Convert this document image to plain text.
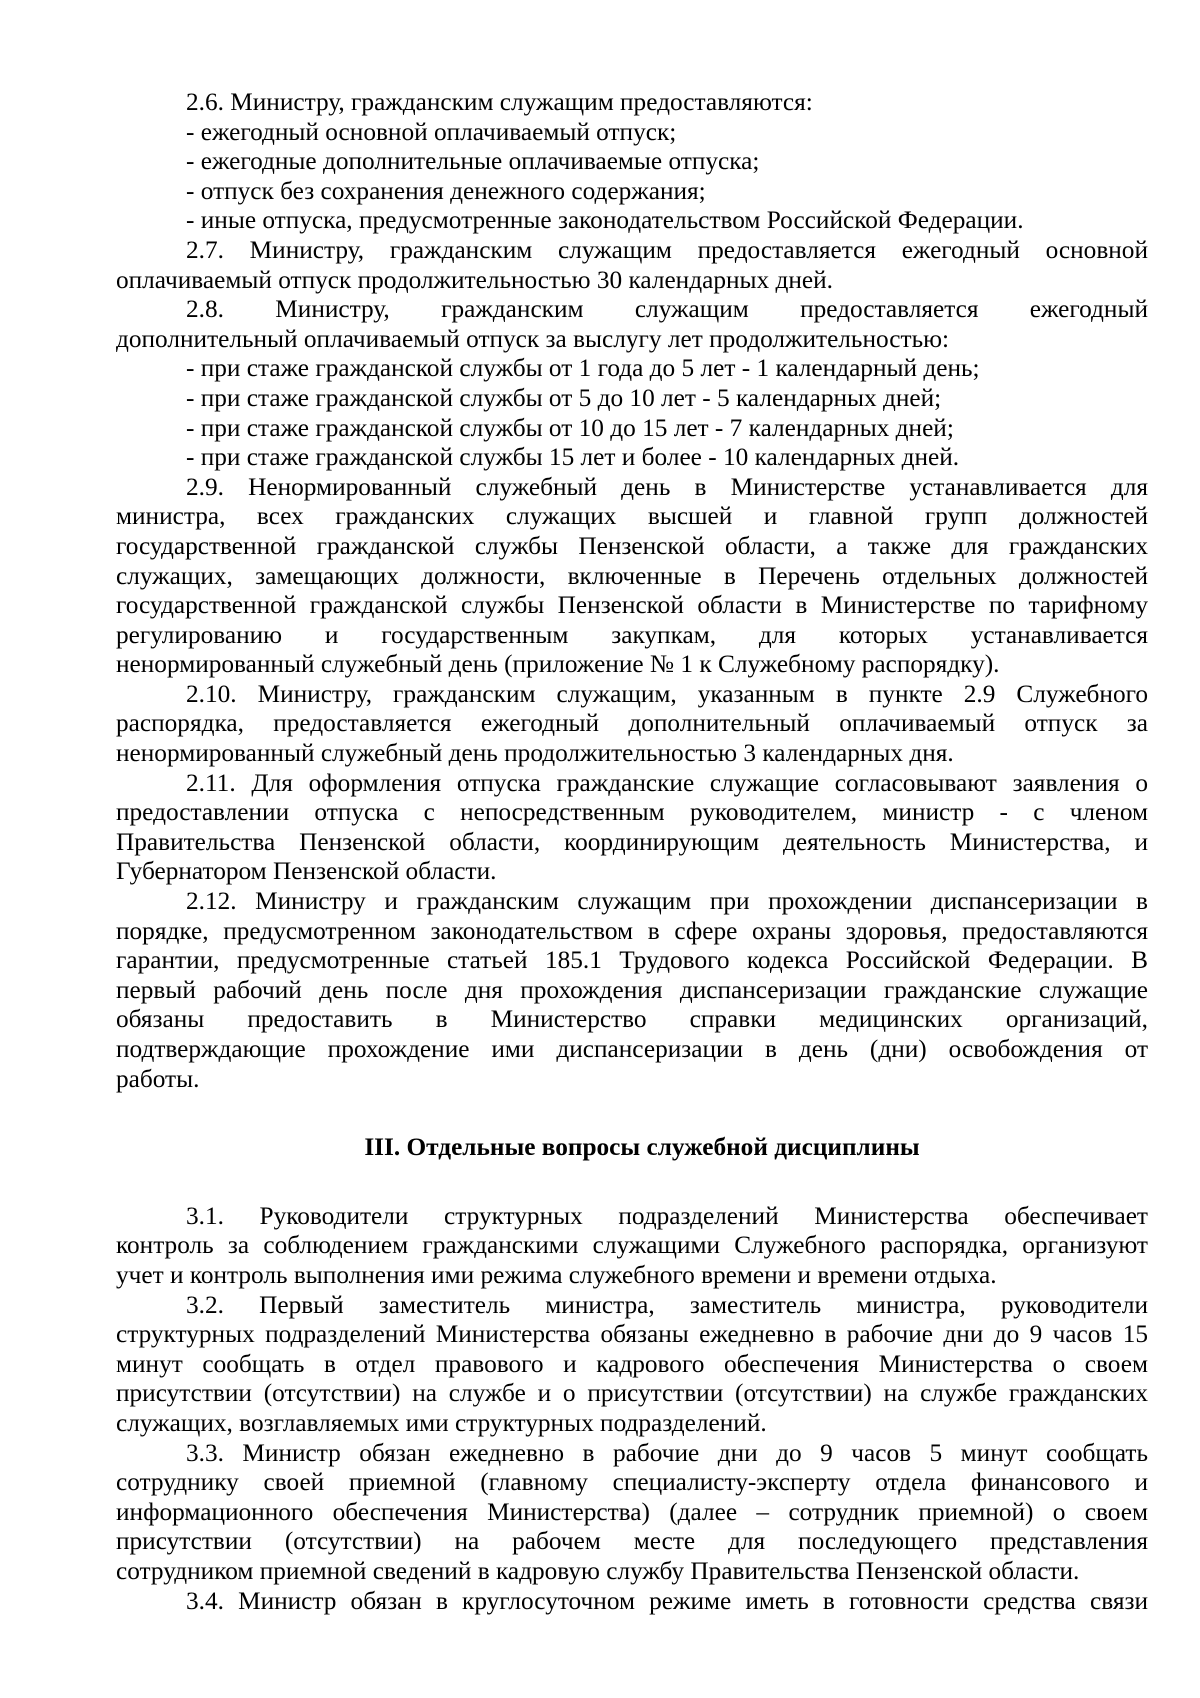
2.6. Министру, гражданским служащим предоставляются:
- ежегодный основной оплачиваемый отпуск;
- ежегодные дополнительные оплачиваемые отпуска;
- отпуск без сохранения денежного содержания;
- иные отпуска, предусмотренные законодательством Российской Федерации.
2.7. Министру, гражданским служащим предоставляется ежегодный основной
оплачиваемый отпуск продолжительностью 30 календарных дней.
2.8. Министру, гражданским служащим предоставляется ежегодный
дополнительный оплачиваемый отпуск за выслугу лет продолжительностью:
- при стаже гражданской службы от 1 года до 5 лет - 1 календарный день;
- при стаже гражданской службы от 5 до 10 лет - 5 календарных дней;
- при стаже гражданской службы от 10 до 15 лет - 7 календарных дней;
- при стаже гражданской службы 15 лет и более - 10 календарных дней.
2.9. Ненормированный служебный день в Министерстве устанавливается для
министра, всех гражданских служащих высшей и главной групп должностей
государственной гражданской службы Пензенской области, а также для гражданских
служащих, замещающих должности, включенные в Перечень отдельных должностей
государственной гражданской службы Пензенской области в Министерстве по тарифному
регулированию и государственным закупкам, для которых устанавливается
ненормированный служебный день (приложение № 1 к Служебному распорядку).
2.10. Министру, гражданским служащим, указанным в пункте 2.9 Служебного
распорядка, предоставляется ежегодный дополнительный оплачиваемый отпуск за
ненормированный служебный день продолжительностью 3 календарных дня.
2.11. Для оформления отпуска гражданские служащие согласовывают заявления о
предоставлении отпуска с непосредственным руководителем, министр - с членом
Правительства Пензенской области, координирующим деятельность Министерства, и
Губернатором Пензенской области.
2.12. Министру и гражданским служащим при прохождении диспансеризации в
порядке, предусмотренном законодательством в сфере охраны здоровья, предоставляются
гарантии, предусмотренные статьей 185.1 Трудового кодекса Российской Федерации. В
первый рабочий день после дня прохождения диспансеризации гражданские служащие
обязаны предоставить в Министерство справки медицинских организаций,
подтверждающие прохождение ими диспансеризации в день (дни) освобождения от
работы.
III. Отдельные вопросы служебной дисциплины
3.1. Руководители структурных подразделений Министерства обеспечивает
контроль за соблюдением гражданскими служащими Служебного распорядка, организуют
учет и контроль выполнения ими режима служебного времени и времени отдыха.
3.2. Первый заместитель министра, заместитель министра, руководители
структурных подразделений Министерства обязаны ежедневно в рабочие дни до 9 часов 15
минут сообщать в отдел правового и кадрового обеспечения Министерства о своем
присутствии (отсутствии) на службе и о присутствии (отсутствии) на службе гражданских
служащих, возглавляемых ими структурных подразделений.
3.3. Министр обязан ежедневно в рабочие дни до 9 часов 5 минут сообщать
сотруднику своей приемной (главному специалисту-эксперту отдела финансового и
информационного обеспечения Министерства) (далее – сотрудник приемной) о своем
присутствии (отсутствии) на рабочем месте для последующего представления
сотрудником приемной сведений в кадровую службу Правительства Пензенской области.
3.4. Министр обязан в круглосуточном режиме иметь в готовности средства связи
